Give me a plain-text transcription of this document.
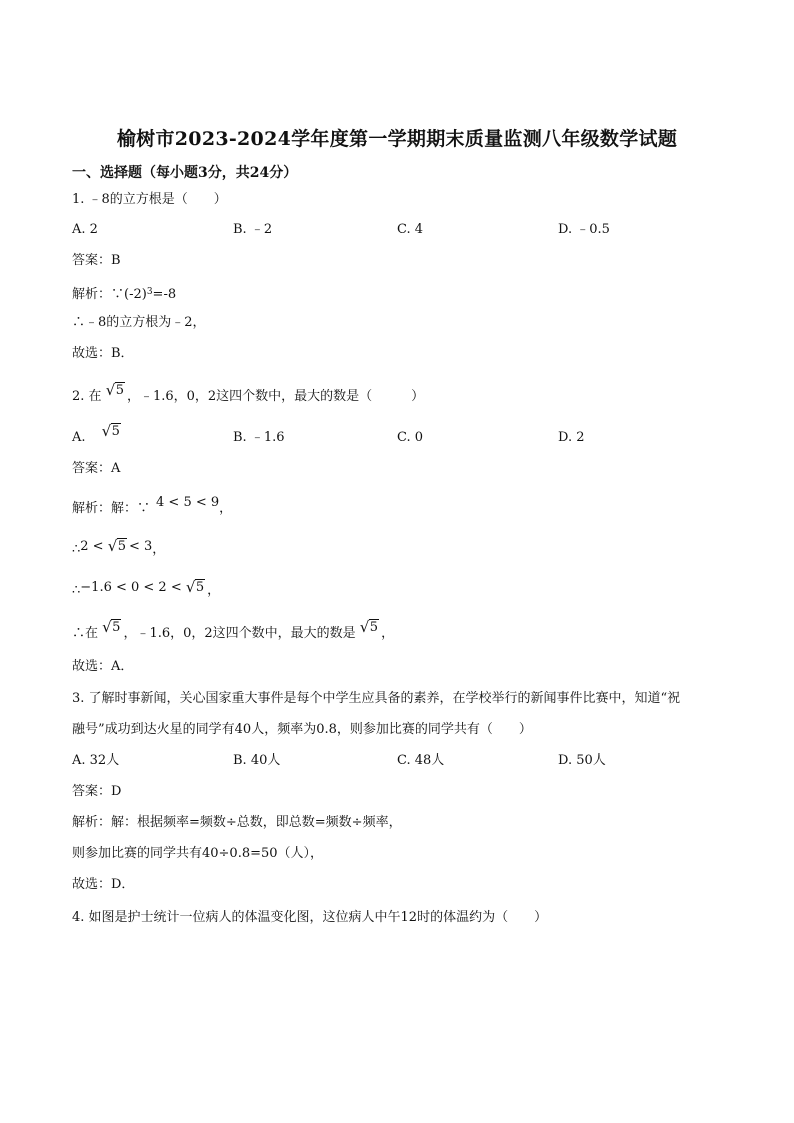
榆树市2023-2024学年度第一学期期末质量监测八年级数学试题
一、选择题（每小题3分，共24分）
1. ﹣8的立方根是（　　）
A. 2	B. ﹣2	C. 4	D. ﹣0.5
答案：B
解析：$\because(-2)^3=-8$
∴﹣8的立方根为﹣2，
故选：B．
2. 在 √ 5 ，﹣1.6，0，2这四个数中，最大的数是（　　　）
A. √ 5	B. ﹣1.6	C. 0	D. 2
答案：A
解析：解：∵ 4 < 5 < 9，
∴2 < √ 5 < 3，
∴−1.6 < 0 < 2 < √ 5 ，
∴在 √ 5 ，﹣1.6，0，2这四个数中，最大的数是 √ 5 ，
故选：A．
3. 了解时事新闻，关心国家重大事件是每个中学生应具备的素养，在学校举行的新闻事件比赛中，知道“祝
融号”成功到达火星的同学有40人，频率为0.8，则参加比赛的同学共有（　　）
A. 32人	B. 40人	C. 48人	D. 50人
答案：D
解析：解：根据频率=频数÷总数，即总数=频数÷频率，
则参加比赛的同学共有40÷0.8=50（人），
故选：D．
4. 如图是护士统计一位病人的体温变化图，这位病人中午12时的体温约为（　　）
